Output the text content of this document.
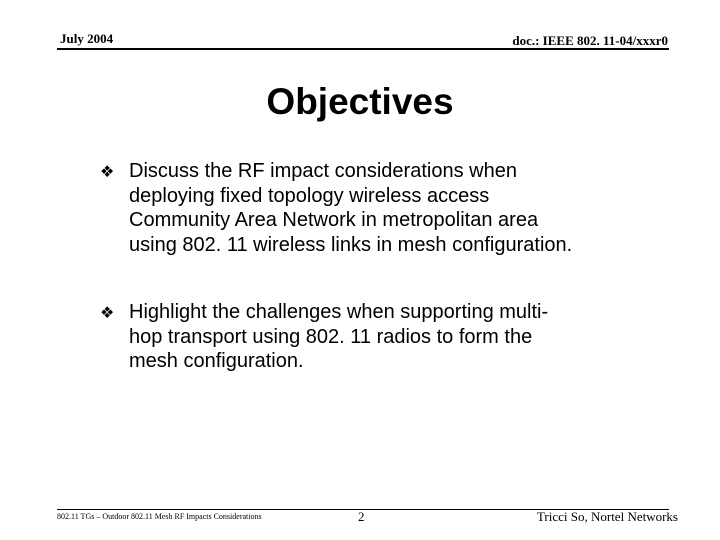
July 2004	doc.: IEEE 802. 11-04/xxxr0
Objectives
❖ Discuss the RF impact considerations when
deploying fixed topology wireless access
Community Area Network in metropolitan area
using 802. 11 wireless links in mesh configuration.
❖ Highlight the challenges when supporting multi-
hop transport using 802. 11 radios to form the
mesh configuration.
802.11 TGs – Outdoor 802.11 Mesh RF Impacts Considerations	2	Tricci So, Nortel Networks
